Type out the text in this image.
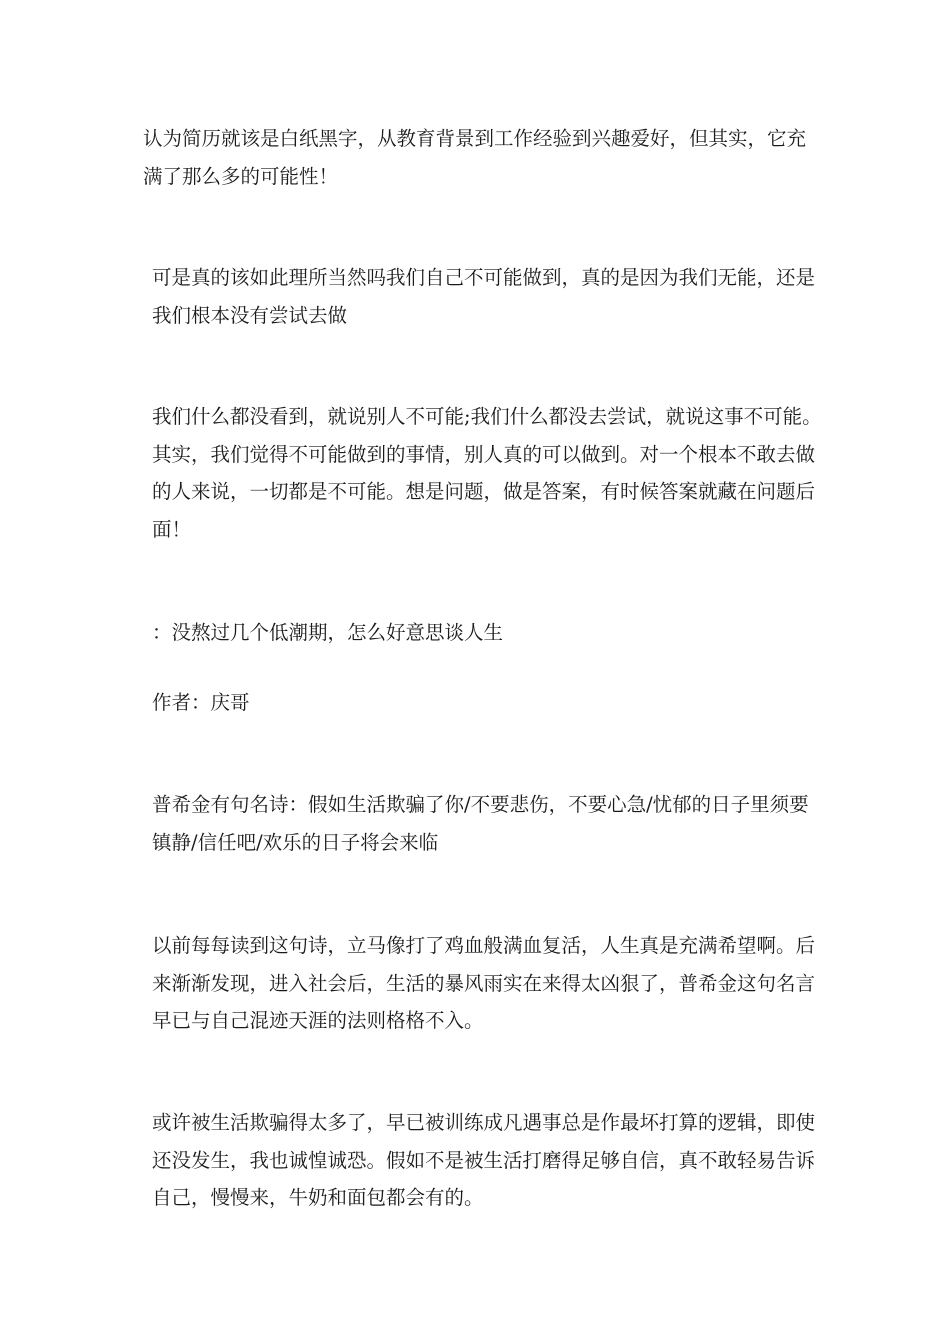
认为简历就该是白纸黑字，从教育背景到工作经验到兴趣爱好，但其实，它充
满了那么多的可能性！
可是真的该如此理所当然吗我们自己不可能做到，真的是因为我们无能，还是
我们根本没有尝试去做
我们什么都没看到，就说别人不可能;我们什么都没去尝试，就说这事不可能。
其实，我们觉得不可能做到的事情，别人真的可以做到。对一个根本不敢去做
的人来说，一切都是不可能。想是问题，做是答案，有时候答案就藏在问题后
面！
：没熬过几个低潮期，怎么好意思谈人生
作者：庆哥
普希金有句名诗：假如生活欺骗了你/不要悲伤，不要心急/忧郁的日子里须要
镇静/信任吧/欢乐的日子将会来临
以前每每读到这句诗，立马像打了鸡血般满血复活，人生真是充满希望啊。后
来渐渐发现，进入社会后，生活的暴风雨实在来得太凶狠了，普希金这句名言
早已与自己混迹天涯的法则格格不入。
或许被生活欺骗得太多了，早已被训练成凡遇事总是作最坏打算的逻辑，即使
还没发生，我也诚惶诚恐。假如不是被生活打磨得足够自信，真不敢轻易告诉
自己，慢慢来，牛奶和面包都会有的。
